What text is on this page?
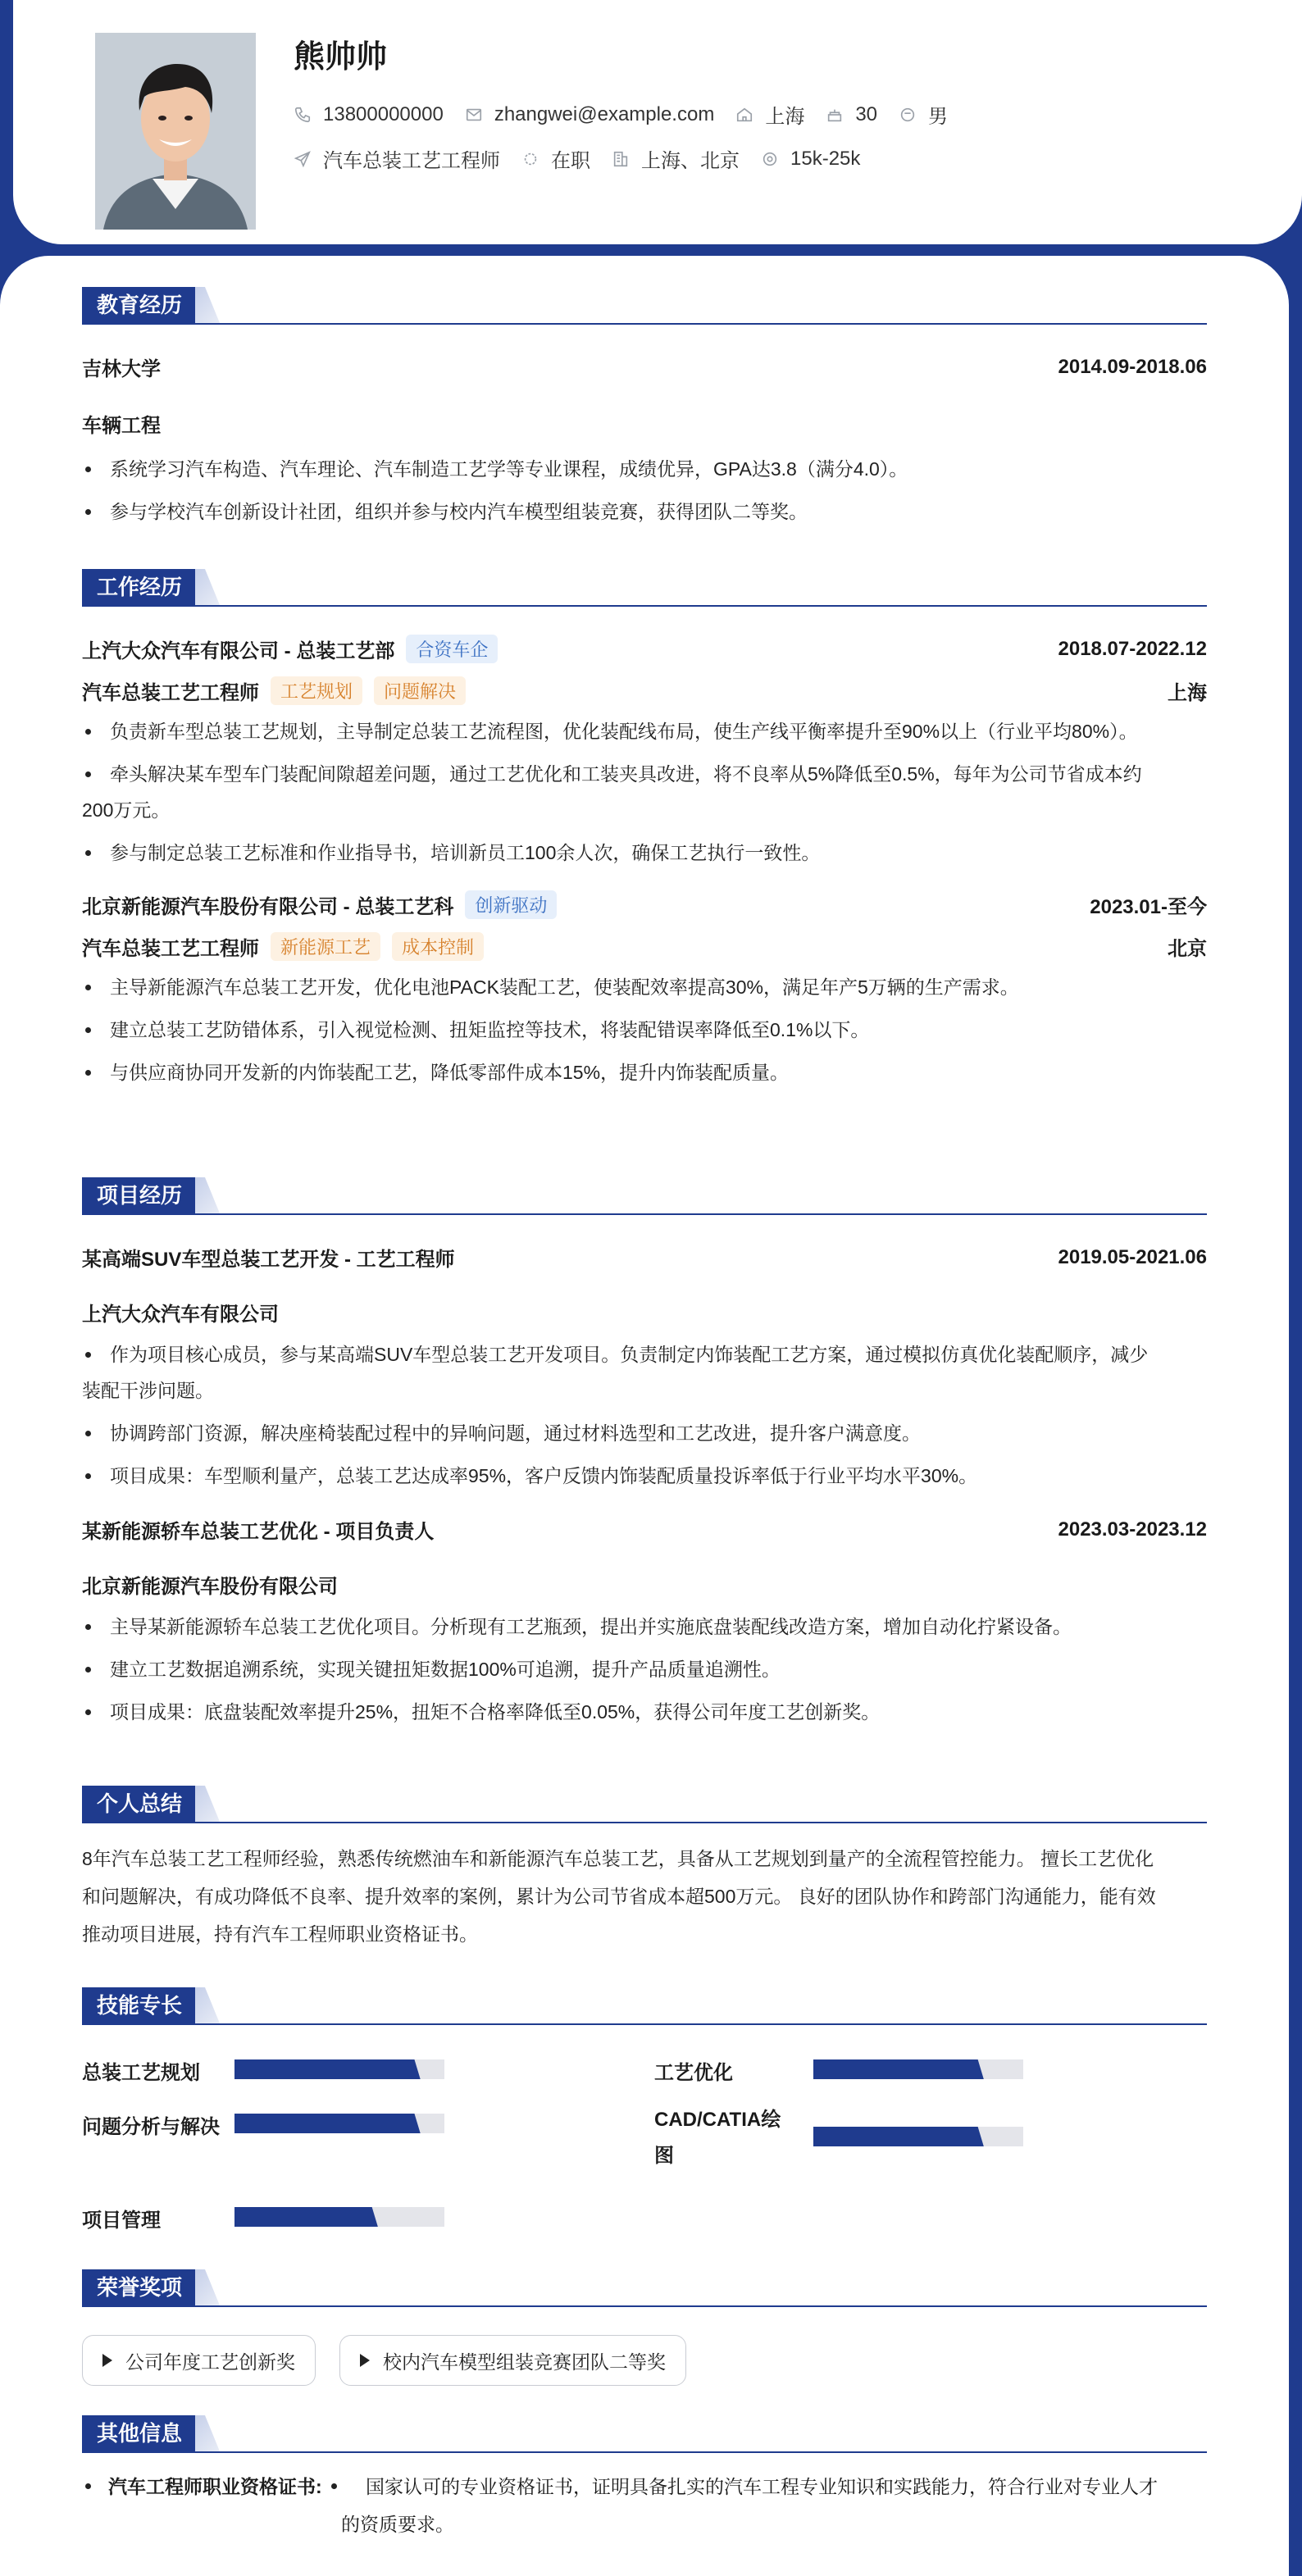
熊帅帅
13800000000	zhangwei@example.com	上海	30	男
汽车总装工艺工程师	在职	上海、北京	15k-25k
教育经历
吉林大学	2014.09-2018.06
车辆工程
系统学习汽车构造、汽车理论、汽车制造工艺学等专业课程，成绩优异，GPA达3.8（满分4.0）。
参与学校汽车创新设计社团，组织并参与校内汽车模型组装竞赛，获得团队二等奖。
工作经历
上汽大众汽车有限公司 - 总装工艺部	合资车企	2018.07-2022.12
汽车总装工艺工程师	工艺规划	问题解决	上海
负责新车型总装工艺规划，主导制定总装工艺流程图，优化装配线布局，使生产线平衡率提升至90%以上（行业平均80%）。
牵头解决某车型车门装配间隙超差问题，通过工艺优化和工装夹具改进，将不良率从5%降低至0.5%，每年为公司节省成本约
200万元。
参与制定总装工艺标准和作业指导书，培训新员工100余人次，确保工艺执行一致性。
北京新能源汽车股份有限公司 - 总装工艺科	创新驱动	2023.01-至今
汽车总装工艺工程师	新能源工艺	成本控制	北京
主导新能源汽车总装工艺开发，优化电池PACK装配工艺，使装配效率提高30%，满足年产5万辆的生产需求。
建立总装工艺防错体系，引入视觉检测、扭矩监控等技术，将装配错误率降低至0.1%以下。
与供应商协同开发新的内饰装配工艺，降低零部件成本15%，提升内饰装配质量。
项目经历
某高端SUV车型总装工艺开发 - 工艺工程师	2019.05-2021.06
上汽大众汽车有限公司
作为项目核心成员，参与某高端SUV车型总装工艺开发项目。负责制定内饰装配工艺方案，通过模拟仿真优化装配顺序，减少
装配干涉问题。
协调跨部门资源，解决座椅装配过程中的异响问题，通过材料选型和工艺改进，提升客户满意度。
项目成果：车型顺利量产，总装工艺达成率95%，客户反馈内饰装配质量投诉率低于行业平均水平30%。
某新能源轿车总装工艺优化 - 项目负责人	2023.03-2023.12
北京新能源汽车股份有限公司
主导某新能源轿车总装工艺优化项目。分析现有工艺瓶颈，提出并实施底盘装配线改造方案，增加自动化拧紧设备。
建立工艺数据追溯系统，实现关键扭矩数据100%可追溯，提升产品质量追溯性。
项目成果：底盘装配效率提升25%，扭矩不合格率降低至0.05%，获得公司年度工艺创新奖。
个人总结
8年汽车总装工艺工程师经验，熟悉传统燃油车和新能源汽车总装工艺，具备从工艺规划到量产的全流程管控能力。 擅长工艺优化
和问题解决，有成功降低不良率、提升效率的案例，累计为公司节省成本超500万元。 良好的团队协作和跨部门沟通能力，能有效
推动项目进展，持有汽车工程师职业资格证书。
技能专长
总装工艺规划	工艺优化
问题分析与解决	CAD/CATIA绘
图
项目管理
荣誉奖项
公司年度工艺创新奖	校内汽车模型组装竞赛团队二等奖
其他信息
汽车工程师职业资格证书:	国家认可的专业资格证书，证明具备扎实的汽车工程专业知识和实践能力，符合行业对专业人才
的资质要求。
